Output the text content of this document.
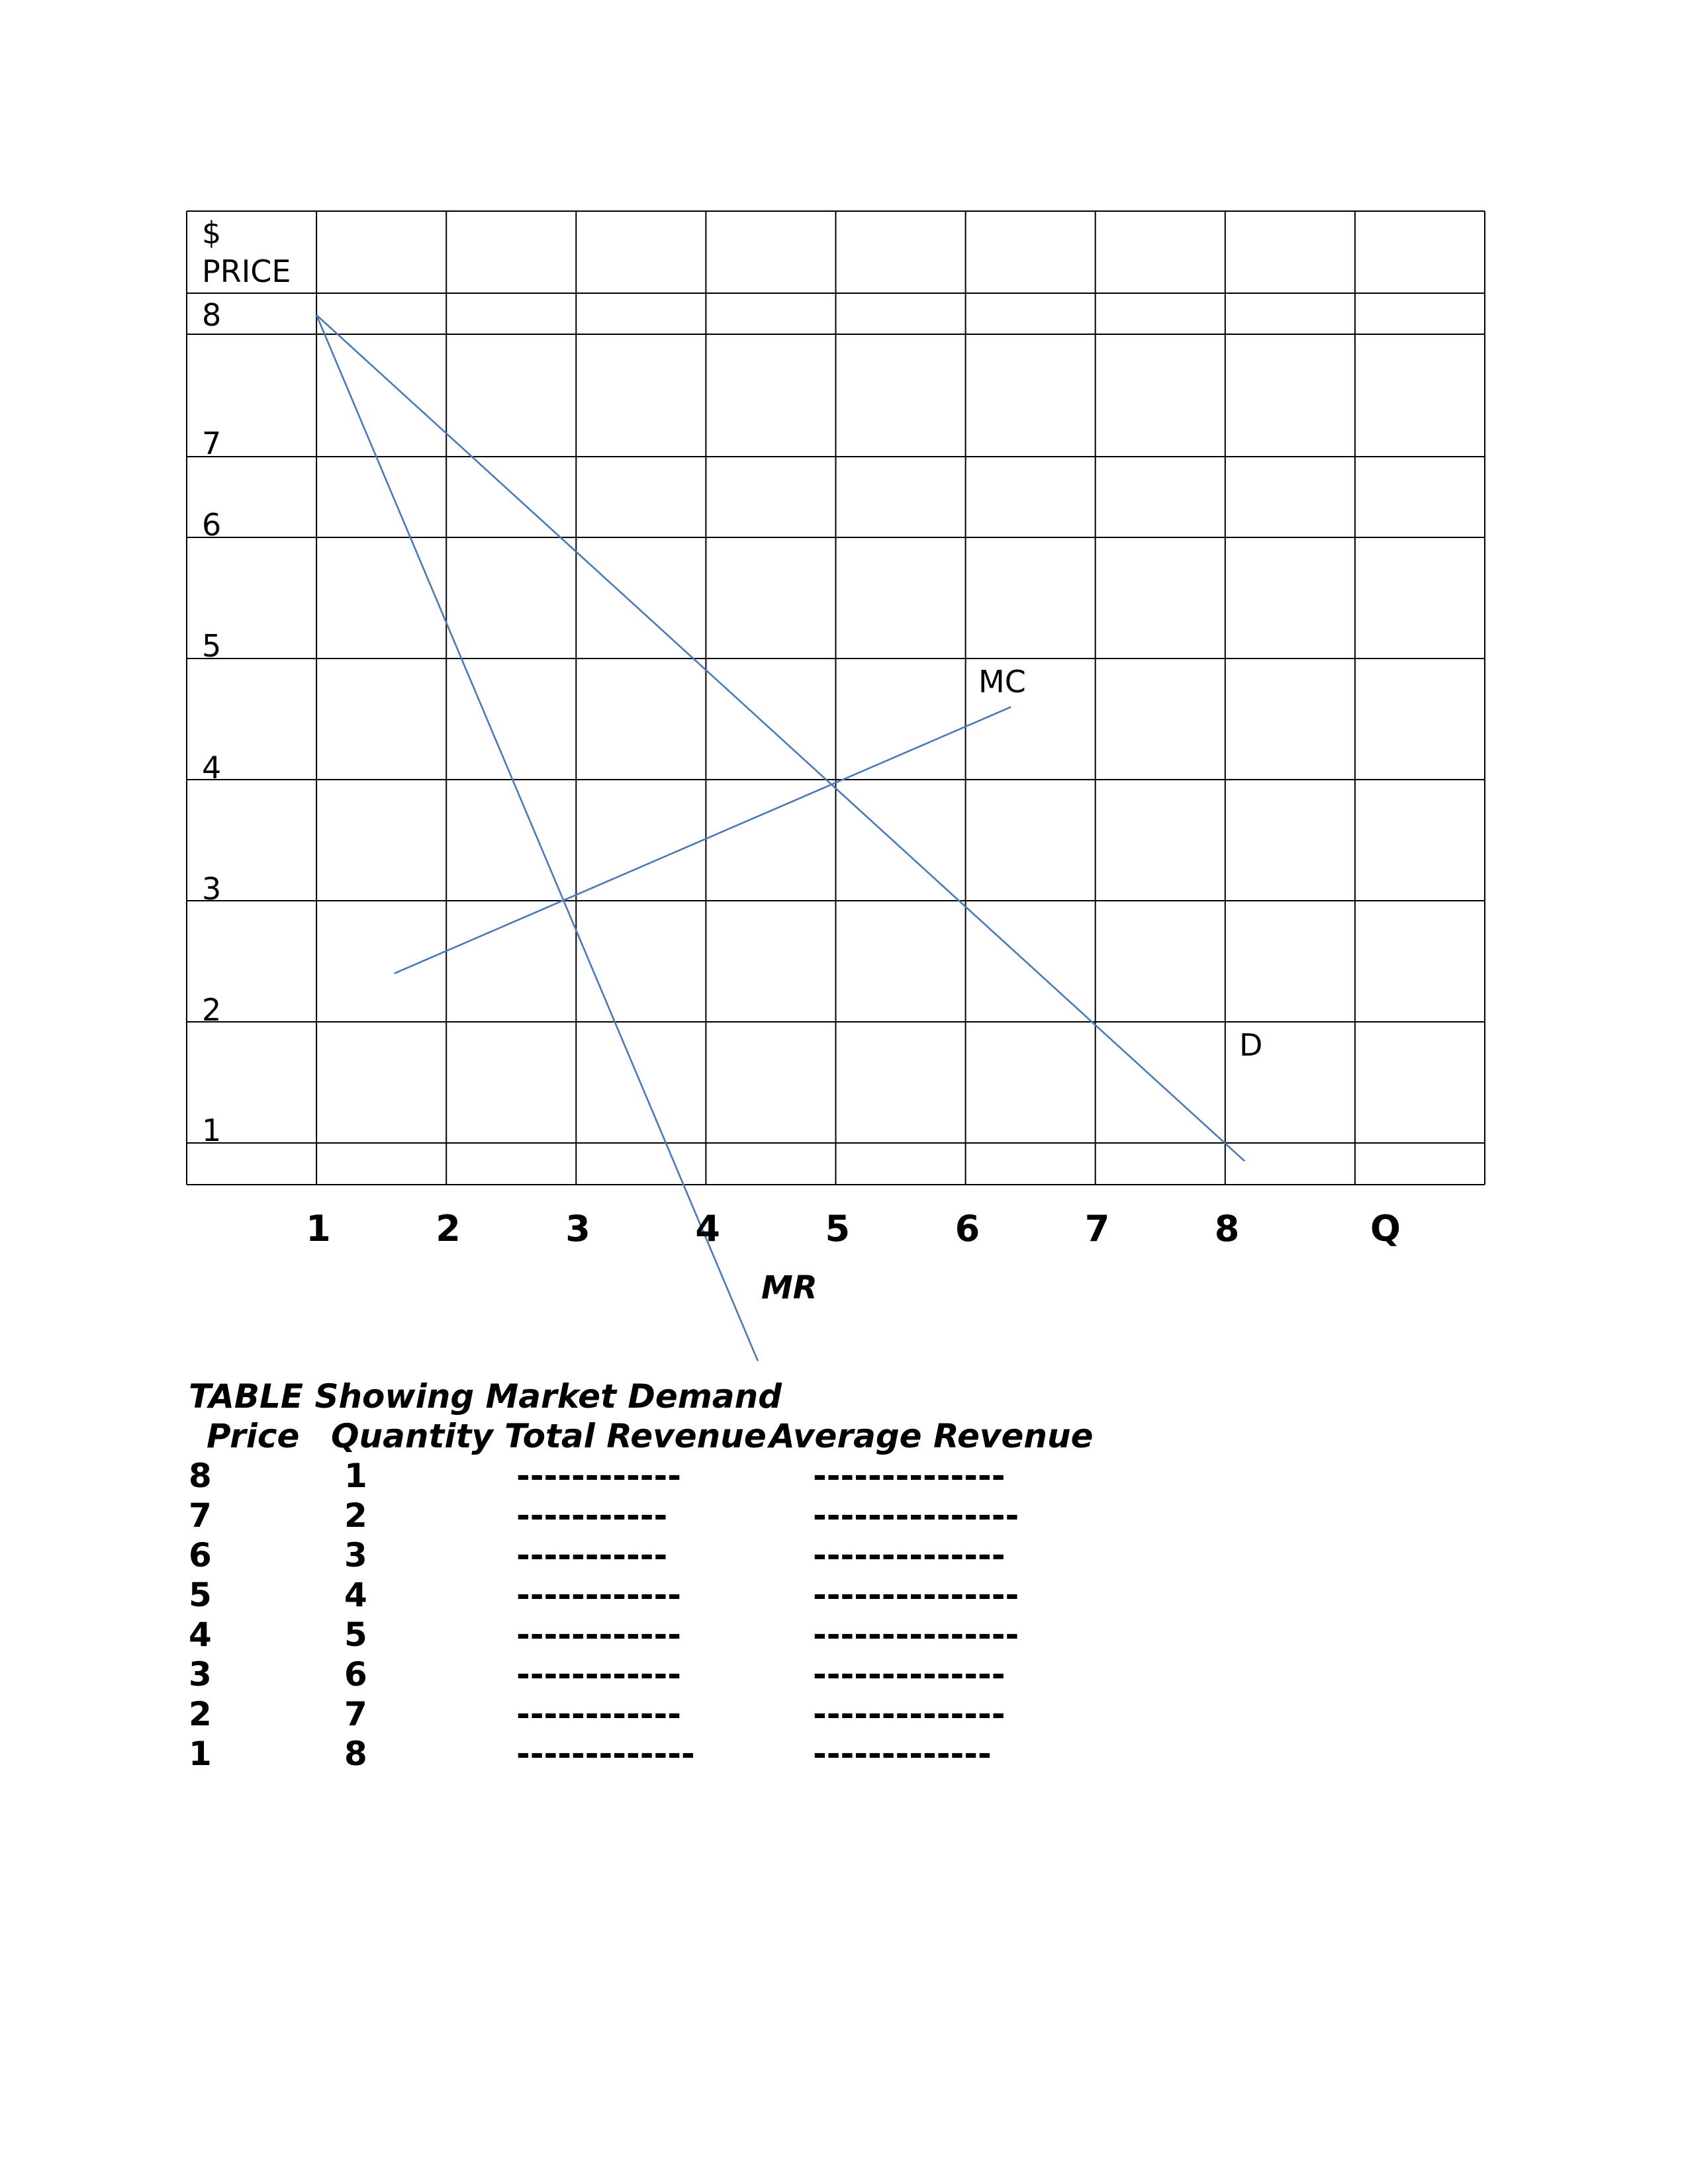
$
PRICE
Q
MC
D
MR
8
7
6
5
4
3
2
1
1	2	3	4	5	6	7	8
TABLE Showing Market Demand
Price Quantity Total Revenue Average Revenue
8	1	------------	--------------
7	2	-----------	---------------
6	3	-----------	--------------
5	4	------------	---------------
4	5	------------	---------------
3	6	------------	--------------
2	7	------------	--------------
1	8	-------------	-------------
